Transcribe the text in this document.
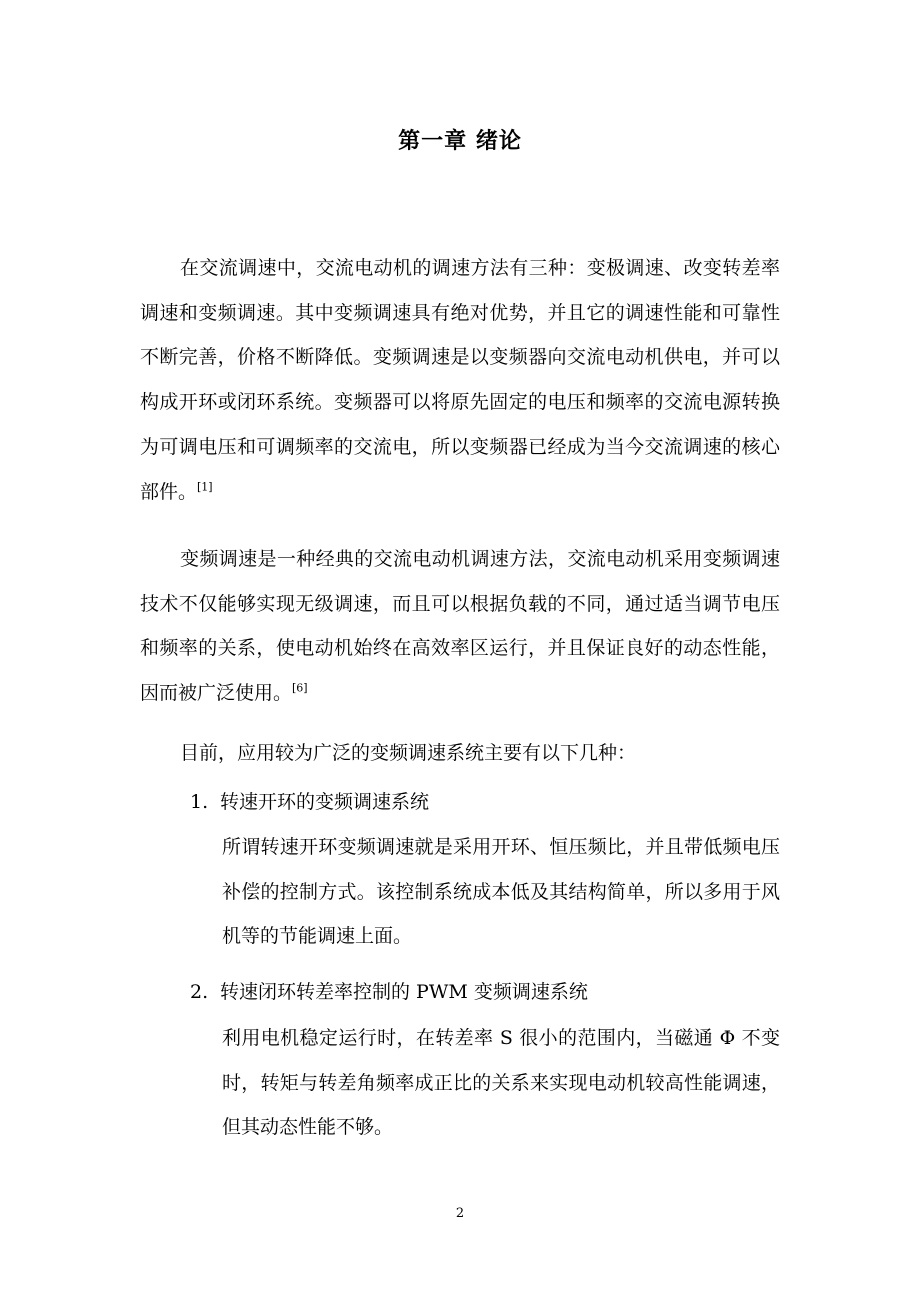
第一章 绪论
在交流调速中，交流电动机的调速方法有三种：变极调速、改变转差率调速和变频调速。其中变频调速具有绝对优势，并且它的调速性能和可靠性不断完善，价格不断降低。变频调速是以变频器向交流电动机供电，并可以构成开环或闭环系统。变频器可以将原先固定的电压和频率的交流电源转换为可调电压和可调频率的交流电，所以变频器已经成为当今交流调速的核心部件。[1]
变频调速是一种经典的交流电动机调速方法，交流电动机采用变频调速技术不仅能够实现无级调速，而且可以根据负载的不同，通过适当调节电压和频率的关系，使电动机始终在高效率区运行，并且保证良好的动态性能，因而被广泛使用。[6]
目前，应用较为广泛的变频调速系统主要有以下几种：
1. 转速开环的变频调速系统
所谓转速开环变频调速就是采用开环、恒压频比，并且带低频电压补偿的控制方式。该控制系统成本低及其结构简单，所以多用于风机等的节能调速上面。
2. 转速闭环转差率控制的 PWM 变频调速系统
利用电机稳定运行时，在转差率 S 很小的范围内，当磁通 Φ 不变时，转矩与转差角频率成正比的关系来实现电动机较高性能调速，但其动态性能不够。
2
